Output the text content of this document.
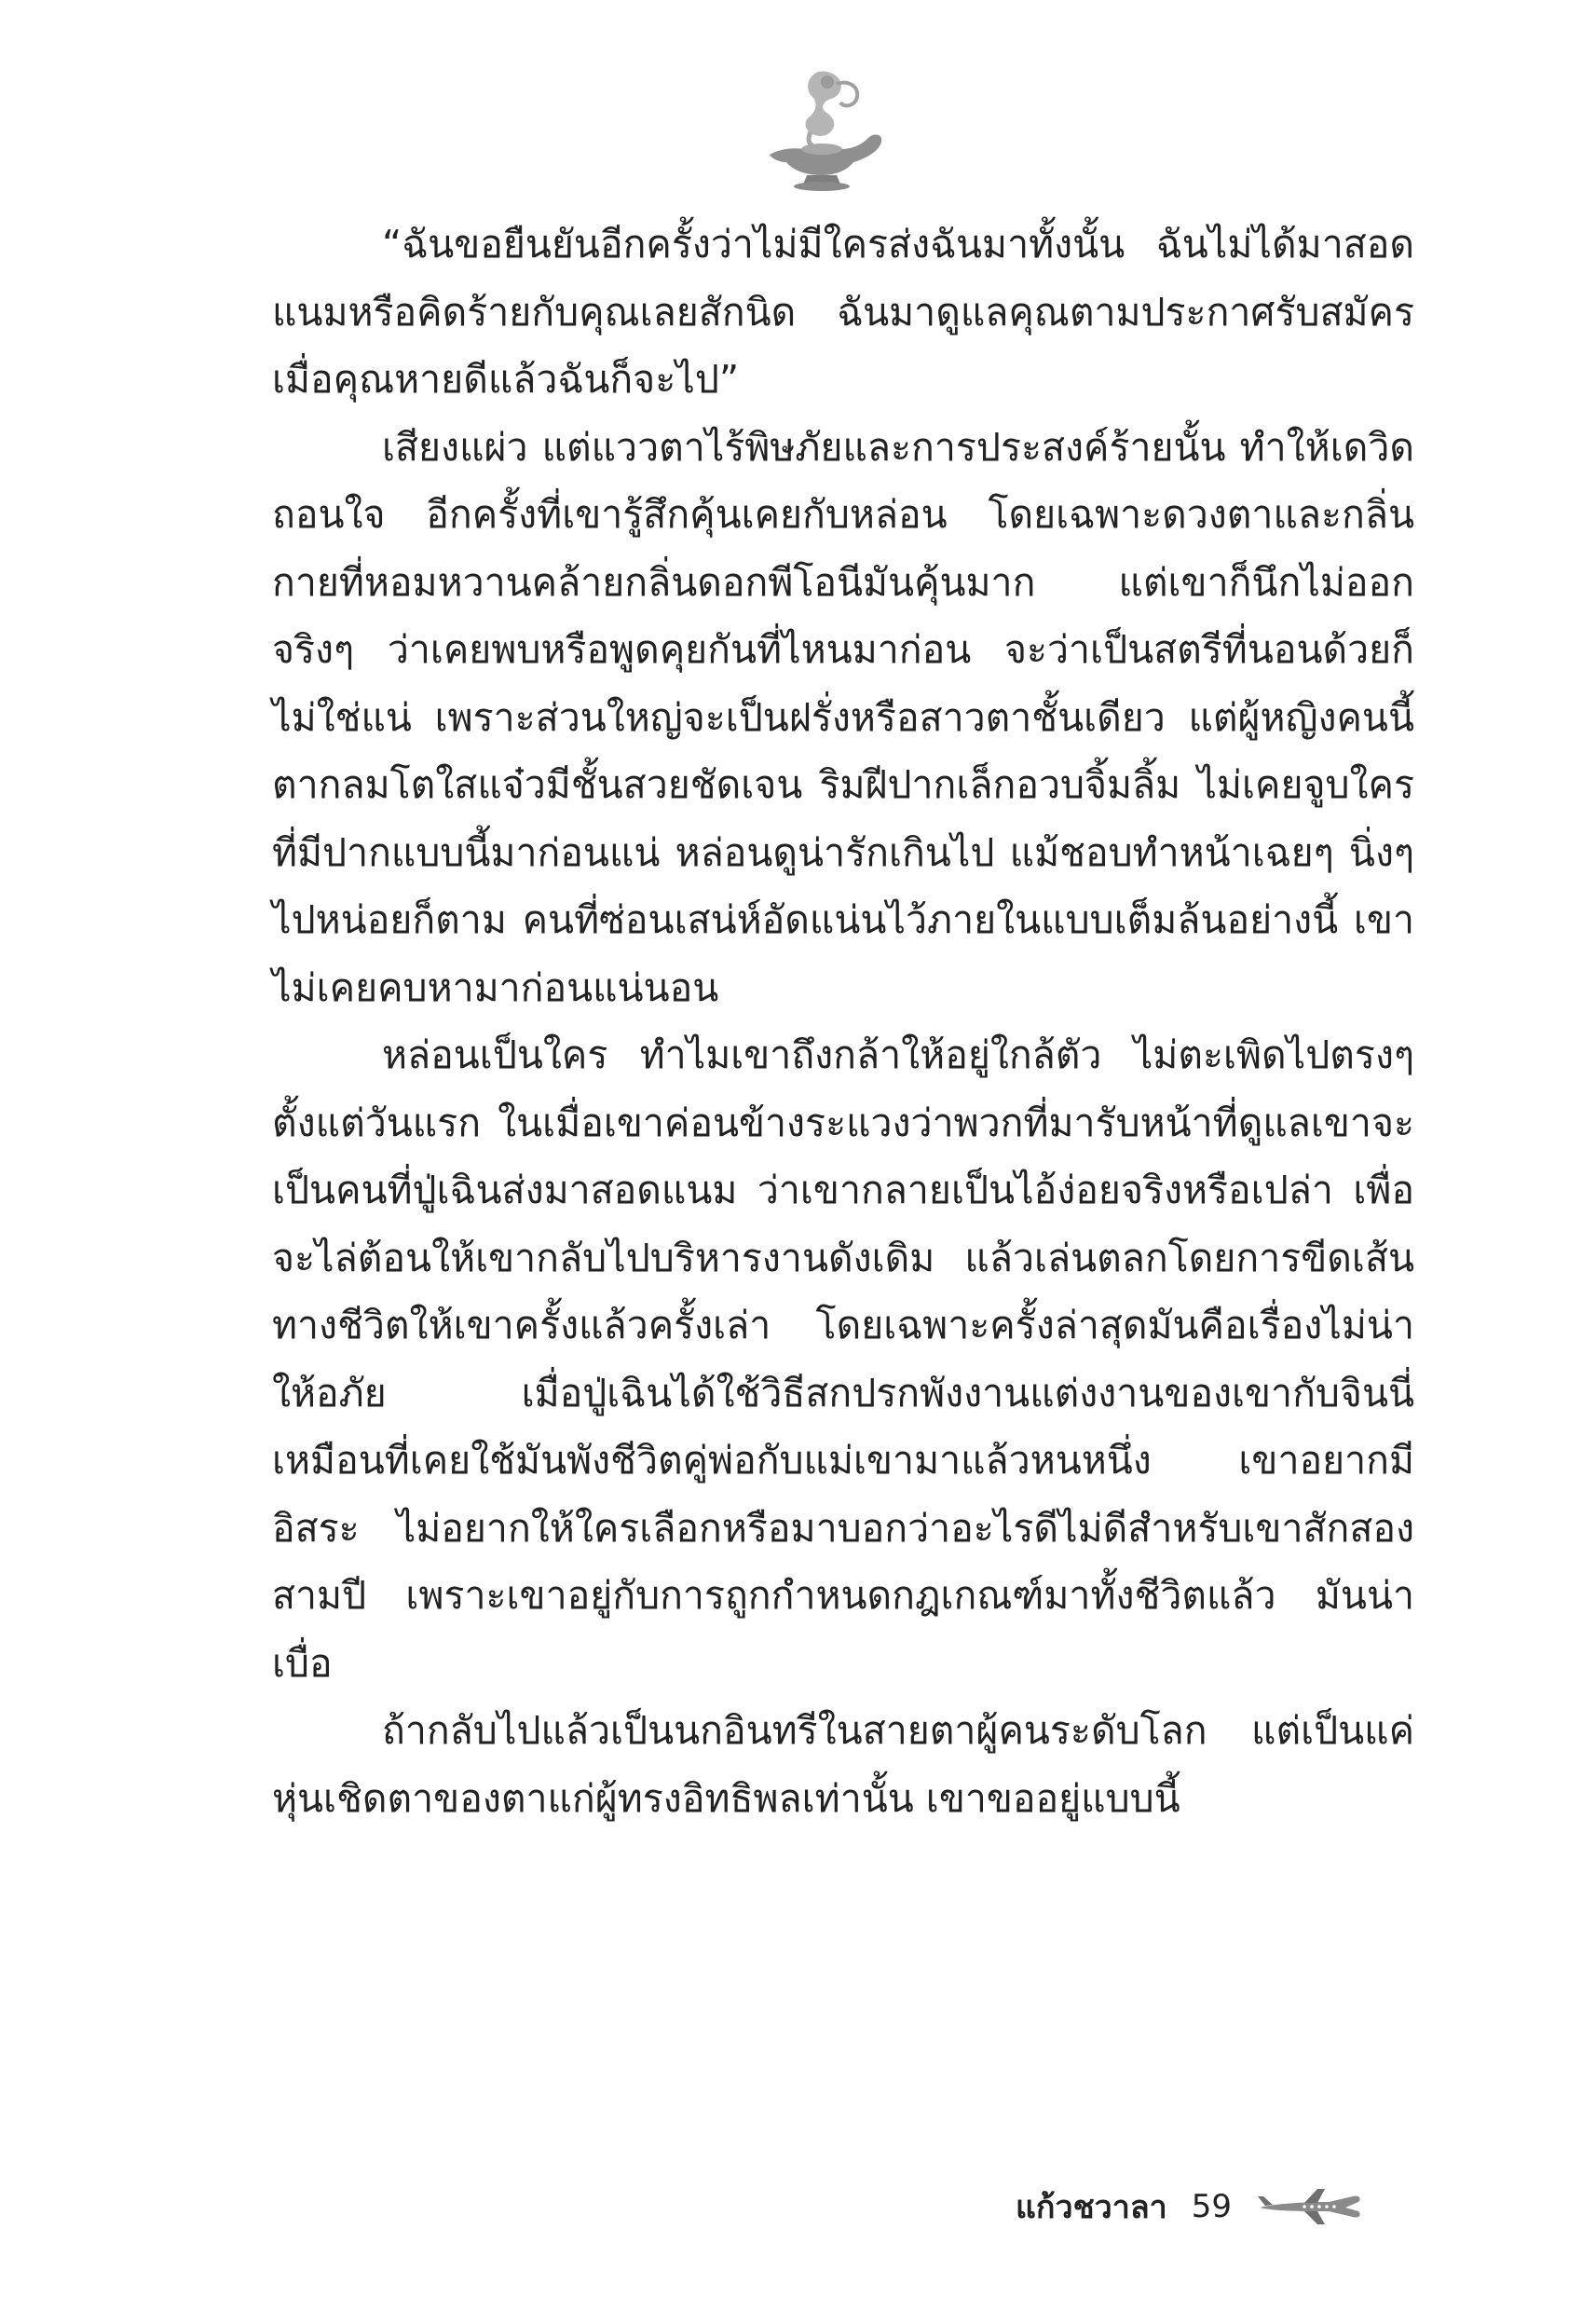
“ฉันขอยืนยันอีกครั้งว่าไม่มีใครส่งฉันมาทั้งนั้น ฉันไม่ได้มาสอดแนมหรือคิดร้ายกับคุณเลยสักนิด ฉันมาดูแลคุณตามประกาศรับสมัคร เมื่อคุณหายดีแล้วฉันก็จะไป”

เสียงแผ่ว แต่แววตาไร้พิษภัยและการประสงค์ร้ายนั้น ทำให้เดวิดถอนใจ อีกครั้งที่เขารู้สึกคุ้นเคยกับหล่อน โดยเฉพาะดวงตาและกลิ่นกายที่หอมหวานคล้ายกลิ่นดอกพีโอนีมันคุ้นมาก แต่เขาก็นึกไม่ออกจริงๆ ว่าเคยพบหรือพูดคุยกันที่ไหนมาก่อน จะว่าเป็นสตรีที่นอนด้วยก็ไม่ใช่แน่ เพราะส่วนใหญ่จะเป็นฝรั่งหรือสาวตาชั้นเดียว แต่ผู้หญิงคนนี้ตากลมโตใสแจ๋วมีชั้นสวยชัดเจน ริมฝีปากเล็กอวบจิ้มลิ้ม ไม่เคยจูบใครที่มีปากแบบนี้มาก่อนแน่ หล่อนดูน่ารักเกินไป แม้ชอบทำหน้าเฉยๆ นิ่งๆ ไปหน่อยก็ตาม คนที่ซ่อนเสน่ห์อัดแน่นไว้ภายในแบบเต็มล้นอย่างนี้ เขาไม่เคยคบหามาก่อนแน่นอน

หล่อนเป็นใคร ทำไมเขาถึงกล้าให้อยู่ใกล้ตัว ไม่ตะเพิดไปตรงๆ ตั้งแต่วันแรก ในเมื่อเขาค่อนข้างระแวงว่าพวกที่มารับหน้าที่ดูแลเขาจะเป็นคนที่ปู่เฉินส่งมาสอดแนม ว่าเขากลายเป็นไอ้ง่อยจริงหรือเปล่า เพื่อจะไล่ต้อนให้เขากลับไปบริหารงานดังเดิม แล้วเล่นตลกโดยการขีดเส้นทางชีวิตให้เขาครั้งแล้วครั้งเล่า โดยเฉพาะครั้งล่าสุดมันคือเรื่องไม่น่าให้อภัย เมื่อปู่เฉินได้ใช้วิธีสกปรกพังงานแต่งงานของเขากับจินนี่ เหมือนที่เคยใช้มันพังชีวิตคู่พ่อกับแม่เขามาแล้วหนหนึ่ง เขาอยากมีอิสระ ไม่อยากให้ใครเลือกหรือมาบอกว่าอะไรดีไม่ดีสำหรับเขาสักสองสามปี เพราะเขาอยู่กับการถูกกำหนดกฎเกณฑ์มาทั้งชีวิตแล้ว มันน่าเบื่อ

ถ้ากลับไปแล้วเป็นนกอินทรีในสายตาผู้คนระดับโลก แต่เป็นแค่หุ่นเชิดตาของตาแก่ผู้ทรงอิทธิพลเท่านั้น เขาขออยู่แบบนี้

แก้วชวาลา 59
